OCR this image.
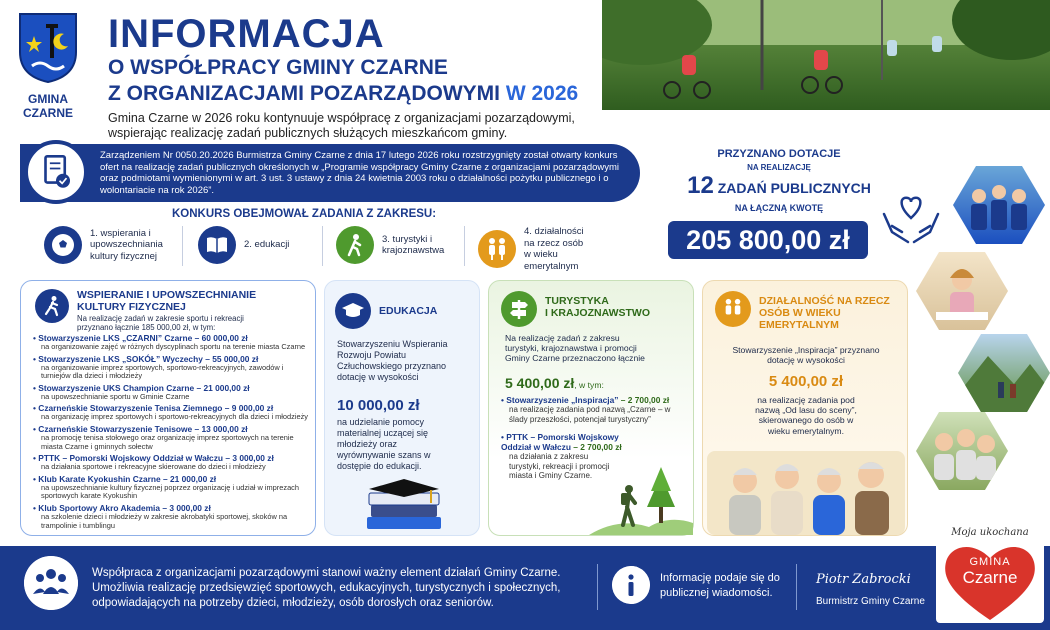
GMINA
CZARNE
INFORMACJA
O WSPÓŁPRACY GMINY CZARNE
Z ORGANIZACJAMI POZARZĄDOWYMI W 2026
Gmina Czarne w 2026 roku kontynuuje współpracę z organizacjami pozarządowymi, wspierając realizację zadań publicznych służących mieszkańcom gminy.
Zarządzeniem Nr 0050.20.2026 Burmistrza Gminy Czarne z dnia 17 lutego 2026 roku rozstrzygnięty został otwarty konkurs ofert na realizację zadań publicznych określonych w „Programie współpracy Gminy Czarne z organizacjami pozarządowymi oraz podmiotami wymienionymi w art. 3 ust. 3 ustawy z dnia 24 kwietnia 2003 roku o działalności pożytku publicznego i o wolontariacie na rok 2026”.
PRZYZNANO DOTACJE
NA REALIZACJĘ
12 ZADAŃ PUBLICZNYCH
NA ŁĄCZNĄ KWOTĘ
205 800,00 zł
KONKURS OBEJMOWAŁ ZADANIA Z ZAKRESU:
1. wspierania i upowszechniania kultury fizycznej
2. edukacji
3. turystyki i krajoznawstwa
4. działalności na rzecz osób w wieku emerytalnym
WSPIERANIE I UPOWSZECHNIANIE
KULTURY FIZYCZNEJ
Na realizację zadań w zakresie sportu i rekreacji przyznano łącznie 185 000,00 zł, w tym:
• Stowarzyszenie LKS „CZARNI” Czarne – 60 000,00 zł
na organizowanie zajęć w różnych dyscyplinach sportu na terenie miasta Czarne
• Stowarzyszenie LKS „SOKÓŁ” Wyczechy – 55 000,00 zł
na organizowanie imprez sportowych, sportowo-rekreacyjnych, zawodów i turniejów dla dzieci i młodzieży
• Stowarzyszenie UKS Champion Czarne – 21 000,00 zł
na upowszechnianie sportu w Gminie Czarne
• Czarneńskie Stowarzyszenie Tenisa Ziemnego – 9 000,00 zł
na organizację imprez sportowych i sportowo-rekreacyjnych dla dzieci i młodzieży
• Czarneńskie Stowarzyszenie Tenisowe – 13 000,00 zł
na promocję tenisa stołowego oraz organizację imprez sportowych na terenie miasta Czarne i gminnych sołectw
• PTTK – Pomorski Wojskowy Oddział w Wałczu – 3 000,00 zł
na działania sportowe i rekreacyjne skierowane do dzieci i młodzieży
• Klub Karate Kyokushin Czarne – 21 000,00 zł
na upowszechnianie kultury fizycznej poprzez organizację i udział w imprezach sportowych karate Kyokushin
• Klub Sportowy Akro Akademia – 3 000,00 zł
na szkolenie dzieci i młodzieży w zakresie akrobatyki sportowej, skoków na trampolinie i tumblingu
EDUKACJA
Stowarzyszeniu Wspierania Rozwoju Powiatu Człuchowskiego przyznano dotację w wysokości
10 000,00 zł
na udzielanie pomocy materialnej uczącej się młodzieży oraz wyrównywanie szans w dostępie do edukacji.
TURYSTYKA
I KRAJOZNAWSTWO
Na realizację zadań z zakresu turystyki, krajoznawstwa i promocji Gminy Czarne przeznaczono łącznie
5 400,00 zł, w tym:
• Stowarzyszenie „Inspiracja” – 2 700,00 zł
na realizację zadania pod nazwą „Czarne – w ślady przeszłości, potencjał turystyczny”
• PTTK – Pomorski Wojskowy Oddział w Wałczu – 2 700,00 zł
na działania z zakresu turystyki, rekreacji i promocji miasta i Gminy Czarne.
DZIAŁALNOŚĆ NA RZECZ
OSÓB W WIEKU EMERYTALNYM
Stowarzyszenie „Inspiracja” przyznano dotację w wysokości
5 400,00 zł
na realizację zadania pod nazwą „Od lasu do sceny”, skierowanego do osób w wieku emerytalnym.
Współpraca z organizacjami pozarządowymi stanowi ważny element działań Gminy Czarne. Umożliwia realizację przedsięwzięć sportowych, edukacyjnych, turystycznych i społecznych, odpowiadających na potrzeby dzieci, młodzieży, osób dorosłych oraz seniorów.
Informację podaje się do publicznej wiadomości.
Piotr Zabrocki
Burmistrz Gminy Czarne
Moja ukochana
GMINA
Czarne
